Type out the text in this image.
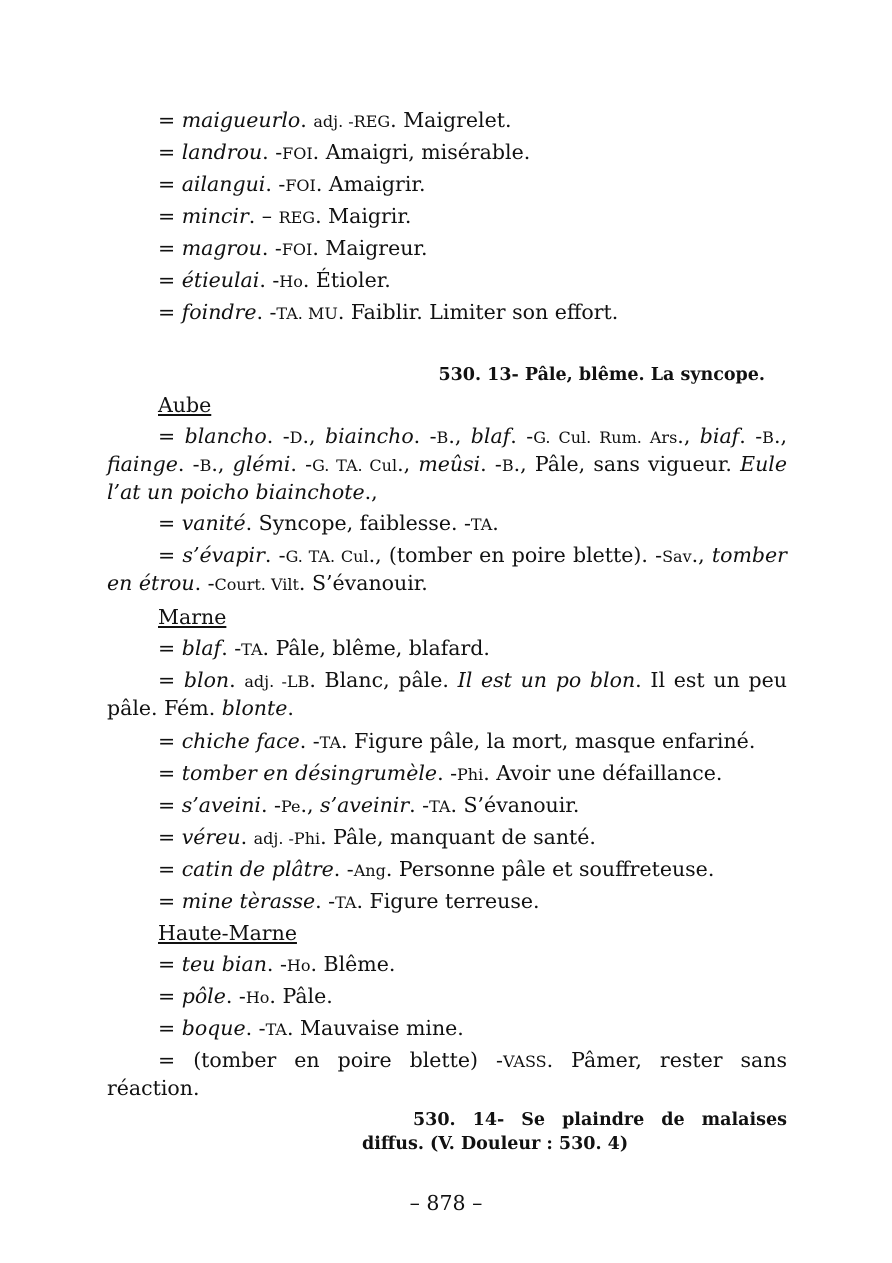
= maigueurlo. adj. -REG. Maigrelet.
= landrou. -FOI. Amaigri, misérable.
= ailangui. -FOI. Amaigrir.
= mincir. – REG. Maigrir.
= magrou. -FOI. Maigreur.
= étieulai. -Ho. Étioler.
= foindre. -TA. MU. Faiblir. Limiter son effort.
530. 13- Pâle, blême. La syncope.
Aube
= blancho. -D., biaincho. -B., blaf. -G. Cul. Rum. Ars., biaf. -B., fiainge. -B., glémi. -G. TA. Cul., meûsi. -B., Pâle, sans vigueur. Eule l’at un poicho biainchote.,
= vanité. Syncope, faiblesse. -TA.
= s’évapir. -G. TA. Cul., (tomber en poire blette). -Sav., tomber en étrou. -Court. Vilt. S’évanouir.
Marne
= blaf. -TA. Pâle, blême, blafard.
= blon. adj. -LB. Blanc, pâle. Il est un po blon. Il est un peu pâle. Fém. blonte.
= chiche face. -TA. Figure pâle, la mort, masque enfariné.
= tomber en désingrumèle. -Phi. Avoir une défaillance.
= s’aveini. -Pe., s’aveinir. -TA. S’évanouir.
= véreu. adj. -Phi. Pâle, manquant de santé.
= catin de plâtre. -Ang. Personne pâle et souffreteuse.
= mine tèrasse. -TA. Figure terreuse.
Haute-Marne
= teu bian. -Ho. Blême.
= pôle. -Ho. Pâle.
= boque. -TA. Mauvaise mine.
= (tomber en poire blette) -VASS. Pâmer, rester sans réaction.
530. 14- Se plaindre de malaises diffus. (V. Douleur : 530. 4)
– 878 –
